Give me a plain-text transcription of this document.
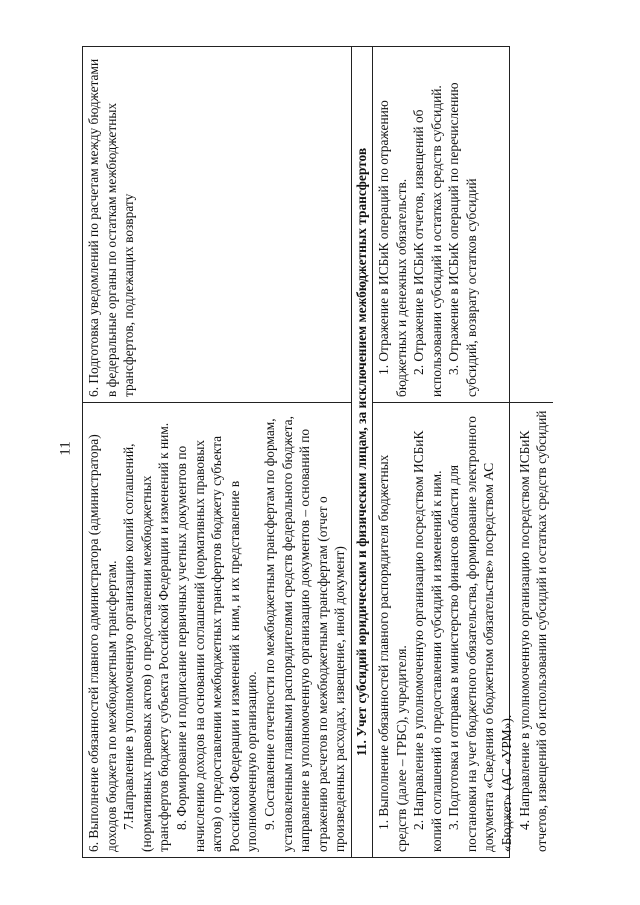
11 6. Выполнение обязанностей главного администратора (администратора) доходов бюджета по межбюджетным трансфертам. 7.Направление в уполномоченную организацию копий соглашений, (нормативных правовых актов) о предоставлении межбюджетных трансфертов бюджету субъекта Российской Федерации и изменений к ним. 8. Формирование и подписание первичных учетных документов по начислению доходов на основании соглашений (нормативных правовых актов) о предоставлении межбюджетных трансфертов бюджету субъекта Российской Федерации и изменений к ним, и их представление в уполномоченную организацию. 9. Составление отчетности по межбюджетным трансфертам по формам, установленным главными распорядителями средств федерального бюджета, направление в уполномоченную организацию документов – оснований по отражению расчетов по межбюджетным трансфертам (отчет о произведенных расходах, извещение, иной документ)

6. Подготовка уведомлений по расчетам между бюджетами в федеральные органы по остаткам межбюджетных трансфертов, подлежащих возврату	11. Учет субсидий юридическим и физическим лицам, за исключением межбюджетных трансфертов 1. Выполнение обязанностей главного распорядителя бюджетных средств (далее – ГРБС), учредителя. 2. Направление в уполномоченную организацию посредством ИСБиК копий соглашений о предоставлении субсидий и изменений к ним. 3. Подготовка и отправка в министерство финансов области для постановки на учет бюджетного обязательства, формирование электронного документа «Сведения о бюджетном обязательстве» посредством АС «Бюджет» (АС «УРМ»). 4. Направление в уполномоченную организацию посредством ИСБиК отчетов, извещений об использовании субсидий и остатках средств субсидий

1. Отражение в ИСБиК операций по отражению бюджетных и денежных обязательств. 2. Отражение в ИСБиК отчетов, извещений об использовании субсидий и остатках средств субсидий. 3. Отражение в ИСБиК операций по перечислению субсидий, возврату остатков субсидий
